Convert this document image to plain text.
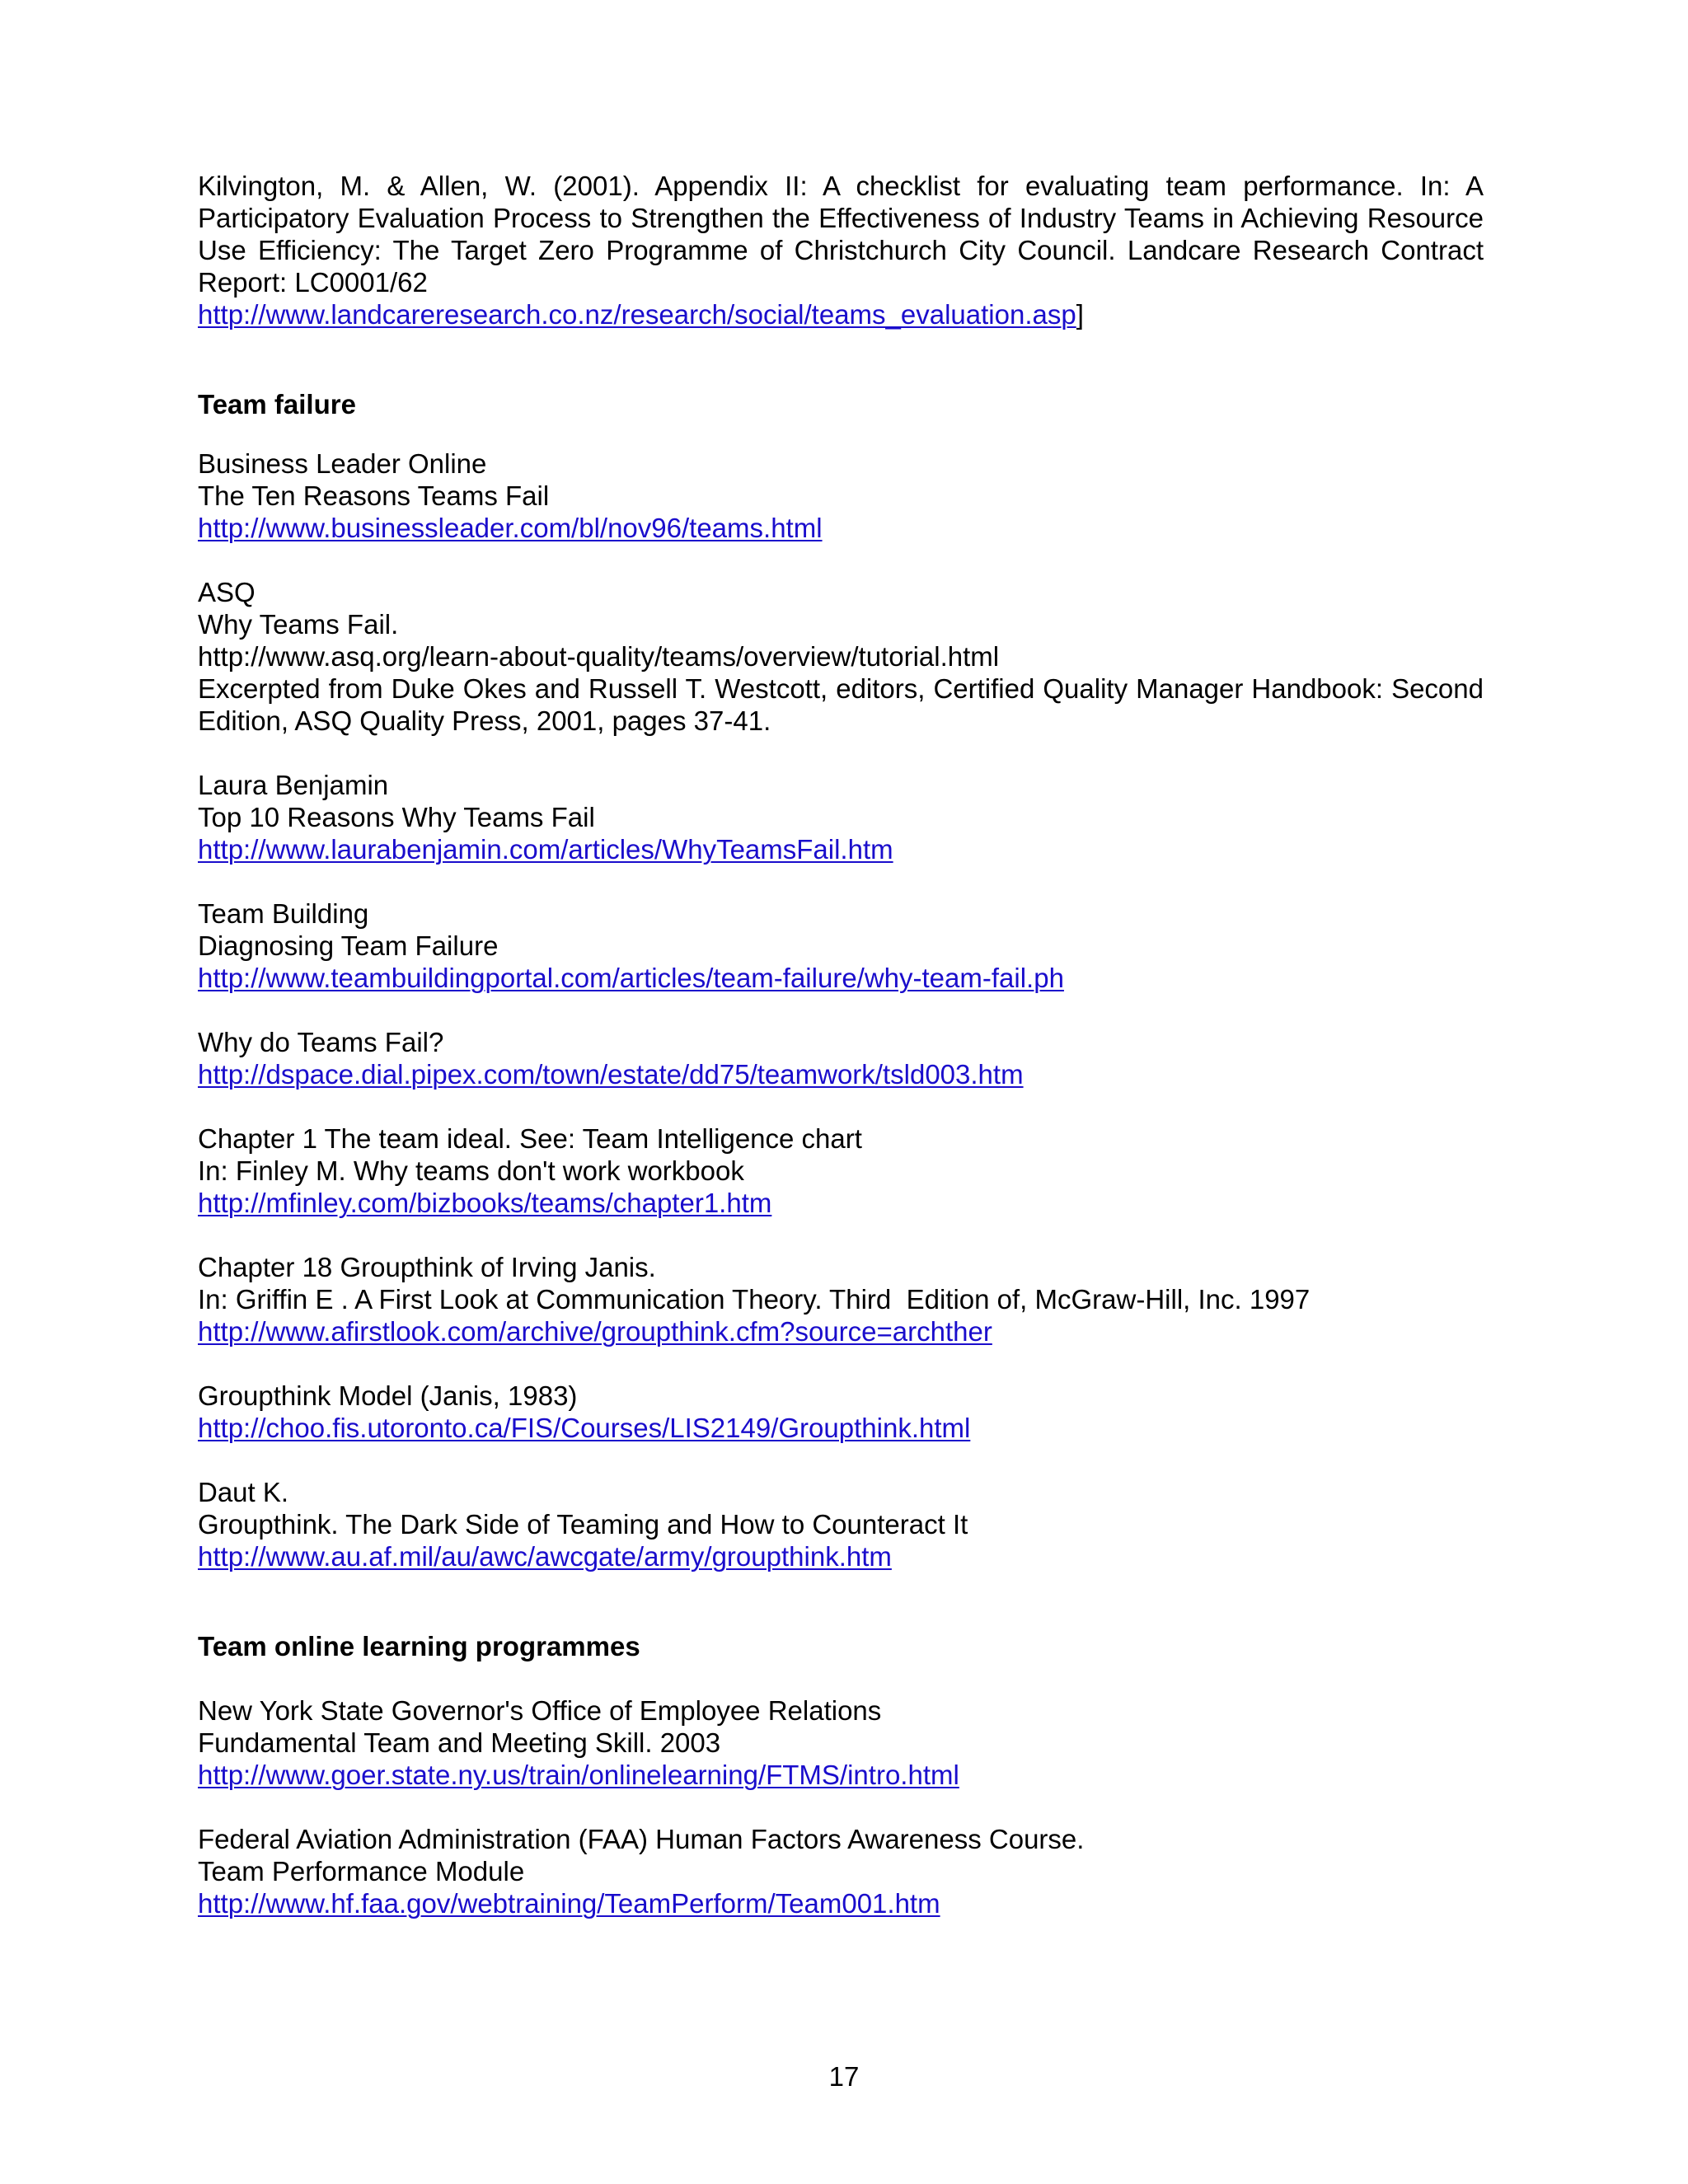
Kilvington, M. & Allen, W. (2001). Appendix II: A checklist for evaluating team performance. In: A Participatory Evaluation Process to Strengthen the Effectiveness of Industry Teams in Achieving Resource Use Efficiency: The Target Zero Programme of Christchurch City Council. Landcare Research Contract Report: LC0001/62
http://www.landcareresearch.co.nz/research/social/teams_evaluation.asp]
Team failure
Business Leader Online
The Ten Reasons Teams Fail
http://www.businessleader.com/bl/nov96/teams.html
ASQ
Why Teams Fail.
http://www.asq.org/learn-about-quality/teams/overview/tutorial.html
Excerpted from Duke Okes and Russell T. Westcott, editors, Certified Quality Manager Handbook: Second Edition, ASQ Quality Press, 2001, pages 37-41.
Laura Benjamin
Top 10 Reasons Why Teams Fail
http://www.laurabenjamin.com/articles/WhyTeamsFail.htm
Team Building
Diagnosing Team Failure
http://www.teambuildingportal.com/articles/team-failure/why-team-fail.ph
Why do Teams Fail?
http://dspace.dial.pipex.com/town/estate/dd75/teamwork/tsld003.htm
Chapter 1 The team ideal. See: Team Intelligence chart
In: Finley M. Why teams don't work workbook
http://mfinley.com/bizbooks/teams/chapter1.htm
Chapter 18 Groupthink of Irving Janis.
In: Griffin E . A First Look at Communication Theory. Third  Edition of, McGraw-Hill, Inc. 1997
http://www.afirstlook.com/archive/groupthink.cfm?source=archther
Groupthink Model (Janis, 1983)
http://choo.fis.utoronto.ca/FIS/Courses/LIS2149/Groupthink.html
Daut K.
Groupthink. The Dark Side of Teaming and How to Counteract It
http://www.au.af.mil/au/awc/awcgate/army/groupthink.htm
Team online learning programmes
New York State Governor's Office of Employee Relations
Fundamental Team and Meeting Skill. 2003
http://www.goer.state.ny.us/train/onlinelearning/FTMS/intro.html
Federal Aviation Administration (FAA) Human Factors Awareness Course.
Team Performance Module
http://www.hf.faa.gov/webtraining/TeamPerform/Team001.htm
17
